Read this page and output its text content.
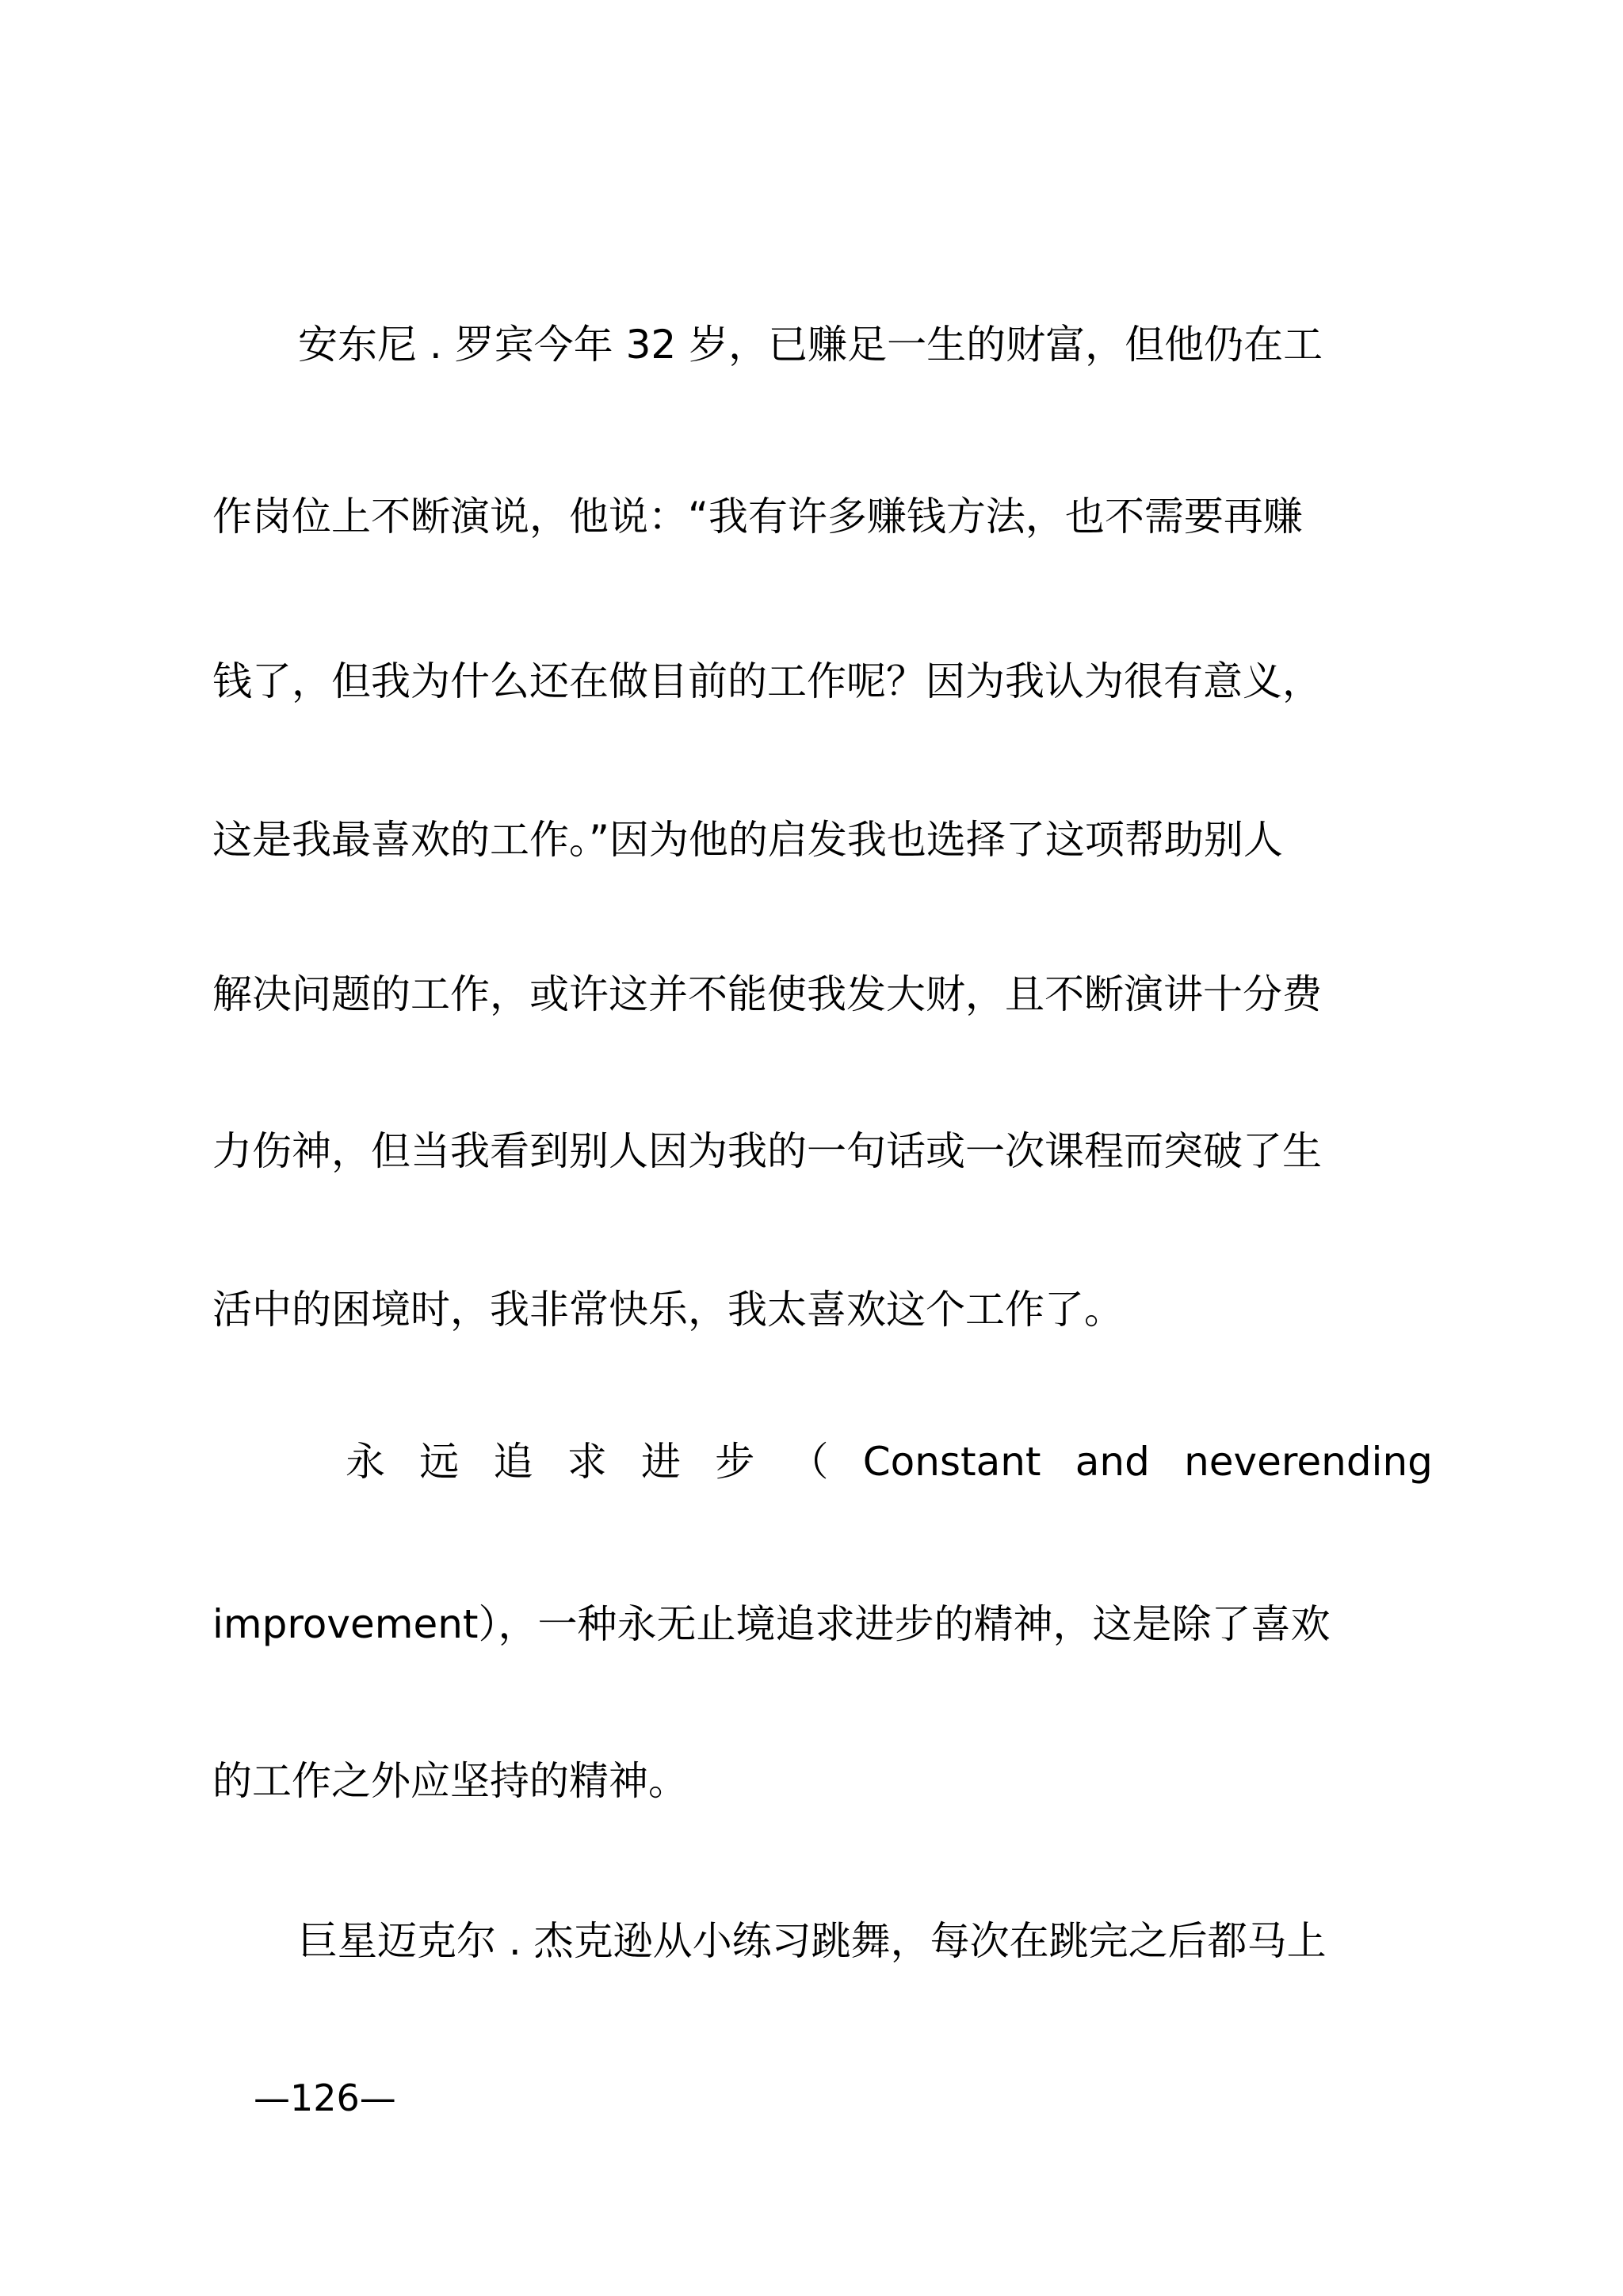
安东尼 . 罗宾今年 32 岁，已赚足一生的财富，但他仍在工
作岗位上不断演说，他说：“我有许多赚钱方法，也不需要再赚
钱了，但我为什么还在做目前的工作呢？因为我认为很有意义，
这是我最喜欢的工作。”因为他的启发我也选择了这项帮助别人
解决问题的工作，或许这并不能使我发大财，且不断演讲十分费
力伤神，但当我看到别人因为我的一句话或一次课程而突破了生
活中的困境时，我非常快乐，我太喜欢这个工作了。
永 远 追 求 进 步 （ Constant and neverending
improvement），一种永无止境追求进步的精神，这是除了喜欢
的工作之外应坚持的精神。
巨星迈克尔 . 杰克逊从小练习跳舞，每次在跳完之后都马上
—126—
